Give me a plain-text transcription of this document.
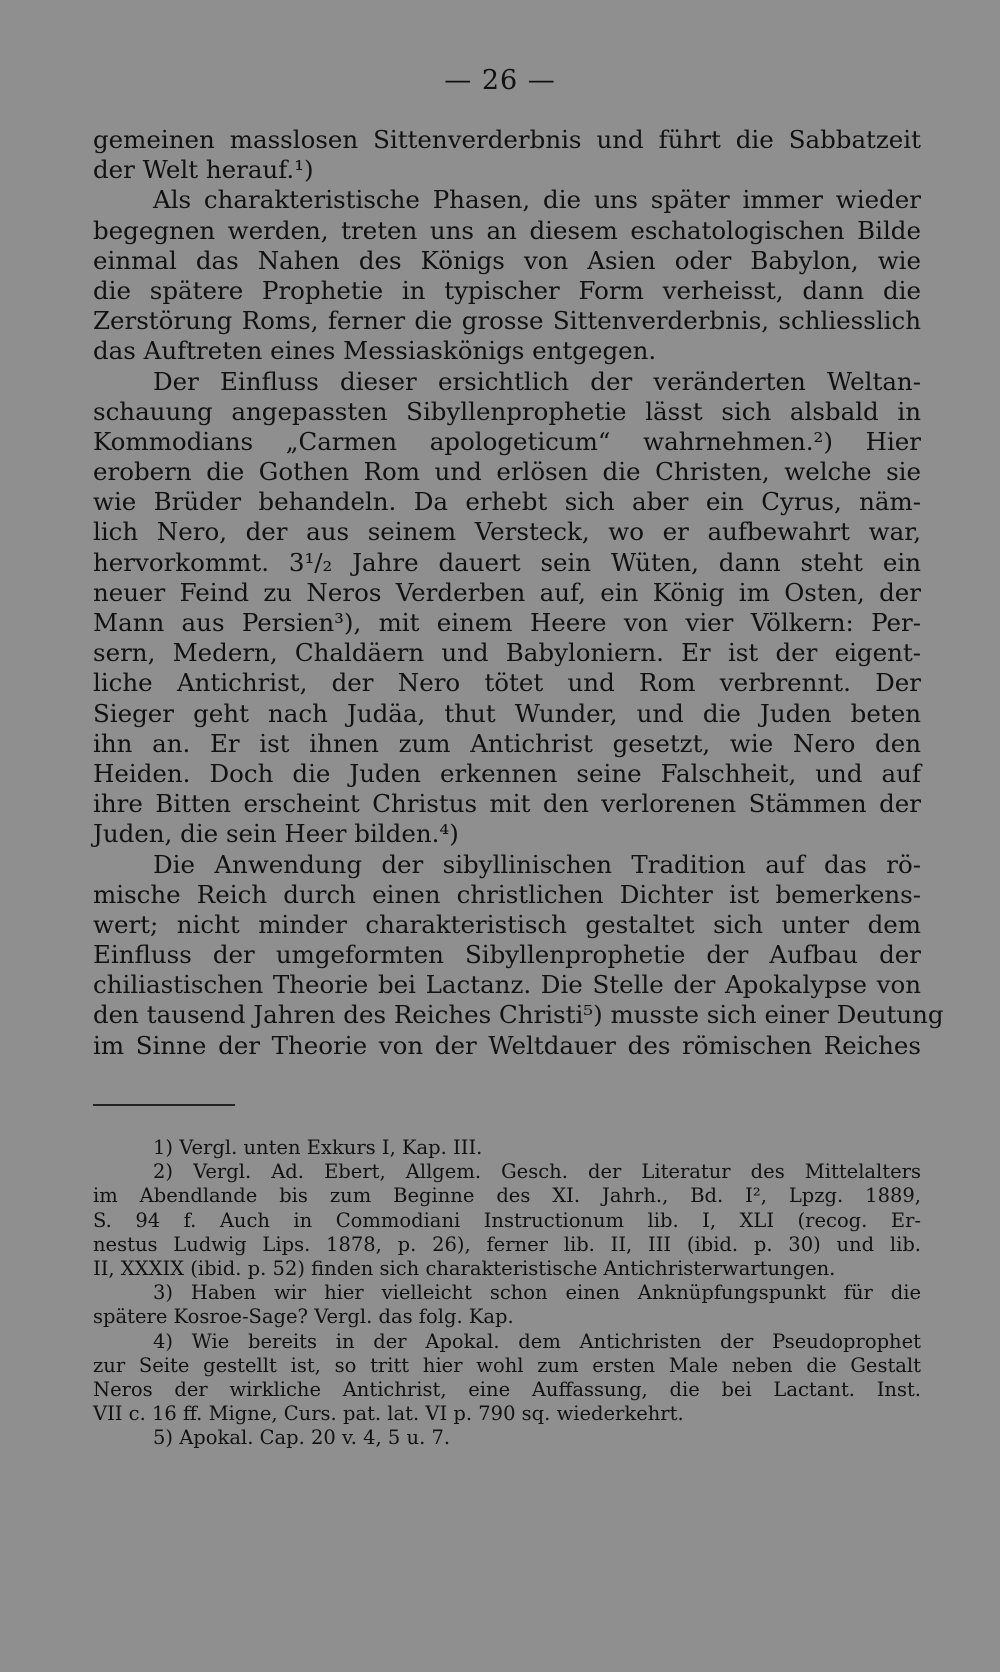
— 26 —
gemeinen masslosen Sittenverderbnis und führt die Sabbatzeit
der Welt herauf.¹)
Als charakteristische Phasen, die uns später immer wieder
begegnen werden, treten uns an diesem eschatologischen Bilde
einmal das Nahen des Königs von Asien oder Babylon, wie
die spätere Prophetie in typischer Form verheisst, dann die
Zerstörung Roms, ferner die grosse Sittenverderbnis, schliesslich
das Auftreten eines Messiaskönigs entgegen.
Der Einfluss dieser ersichtlich der veränderten Weltan-
schauung angepassten Sibyllenprophetie lässt sich alsbald in
Kommodians „Carmen apologeticum“ wahrnehmen.²) Hier
erobern die Gothen Rom und erlösen die Christen, welche sie
wie Brüder behandeln. Da erhebt sich aber ein Cyrus, näm-
lich Nero, der aus seinem Versteck, wo er aufbewahrt war,
hervorkommt. 3¹/₂ Jahre dauert sein Wüten, dann steht ein
neuer Feind zu Neros Verderben auf, ein König im Osten, der
Mann aus Persien³), mit einem Heere von vier Völkern: Per-
sern, Medern, Chaldäern und Babyloniern. Er ist der eigent-
liche Antichrist, der Nero tötet und Rom verbrennt. Der
Sieger geht nach Judäa, thut Wunder, und die Juden beten
ihn an. Er ist ihnen zum Antichrist gesetzt, wie Nero den
Heiden. Doch die Juden erkennen seine Falschheit, und auf
ihre Bitten erscheint Christus mit den verlorenen Stämmen der
Juden, die sein Heer bilden.⁴)
Die Anwendung der sibyllinischen Tradition auf das rö-
mische Reich durch einen christlichen Dichter ist bemerkens-
wert; nicht minder charakteristisch gestaltet sich unter dem
Einfluss der umgeformten Sibyllenprophetie der Aufbau der
chiliastischen Theorie bei Lactanz. Die Stelle der Apokalypse von
den tausend Jahren des Reiches Christi⁵) musste sich einer Deutung
im Sinne der Theorie von der Weltdauer des römischen Reiches
1) Vergl. unten Exkurs I, Kap. III.
2) Vergl. Ad. Ebert, Allgem. Gesch. der Literatur des Mittelalters
im Abendlande bis zum Beginne des XI. Jahrh., Bd. I², Lpzg. 1889,
S. 94 f. Auch in Commodiani Instructionum lib. I, XLI (recog. Er-
nestus Ludwig Lips. 1878, p. 26), ferner lib. II, III (ibid. p. 30) und lib.
II, XXXIX (ibid. p. 52) finden sich charakteristische Antichristerwartungen.
3) Haben wir hier vielleicht schon einen Anknüpfungspunkt für die
spätere Kosroe-Sage? Vergl. das folg. Kap.
4) Wie bereits in der Apokal. dem Antichristen der Pseudoprophet
zur Seite gestellt ist, so tritt hier wohl zum ersten Male neben die Gestalt
Neros der wirkliche Antichrist, eine Auffassung, die bei Lactant. Inst.
VII c. 16 ff. Migne, Curs. pat. lat. VI p. 790 sq. wiederkehrt.
5) Apokal. Cap. 20 v. 4, 5 u. 7.
